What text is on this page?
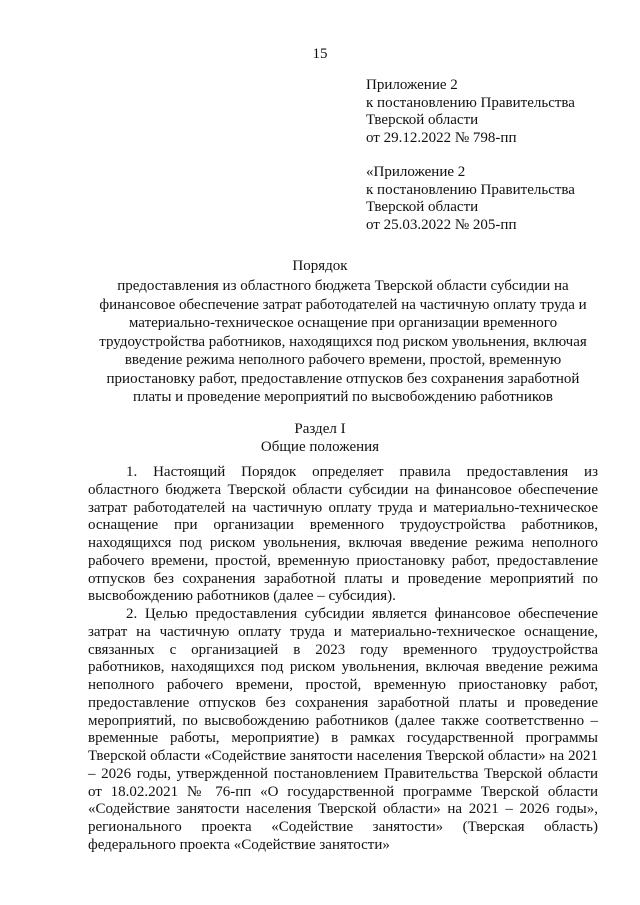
15
Приложение 2
к постановлению Правительства
Тверской области
от 29.12.2022 № 798-пп
«Приложение 2
к постановлению Правительства
Тверской области
от 25.03.2022 № 205-пп
Порядок
предоставления из областного бюджета Тверской области субсидии на финансовое обеспечение затрат работодателей на частичную оплату труда и материально-техническое оснащение при организации временного трудоустройства работников, находящихся под риском увольнения, включая введение режима неполного рабочего времени, простой, временную приостановку работ, предоставление отпусков без сохранения заработной платы и проведение мероприятий по высвобождению работников
Раздел I
Общие положения

1. Настоящий Порядок определяет правила предоставления из областного бюджета Тверской области субсидии на финансовое обеспечение затрат работодателей на частичную оплату труда и материально-техническое оснащение при организации временного трудоустройства работников, находящихся под риском увольнения, включая введение режима неполного рабочего времени, простой, временную приостановку работ, предоставление отпусков без сохранения заработной платы и проведение мероприятий по высвобождению работников (далее – субсидия).

2. Целью предоставления субсидии является финансовое обеспечение затрат на частичную оплату труда и материально-техническое оснащение, связанных с организацией в 2023 году временного трудоустройства работников, находящихся под риском увольнения, включая введение режима неполного рабочего времени, простой, временную приостановку работ, предоставление отпусков без сохранения заработной платы и проведение мероприятий, по высвобождению работников (далее также соответственно – временные работы, мероприятие) в рамках государственной программы Тверской области «Содействие занятости населения Тверской области» на 2021 – 2026 годы, утвержденной постановлением Правительства Тверской области от 18.02.2021 № 76-пп «О государственной программе Тверской области «Содействие занятости населения Тверской области» на 2021 – 2026 годы», регионального проекта «Содействие занятости» (Тверская область) федерального проекта «Содействие занятости»
